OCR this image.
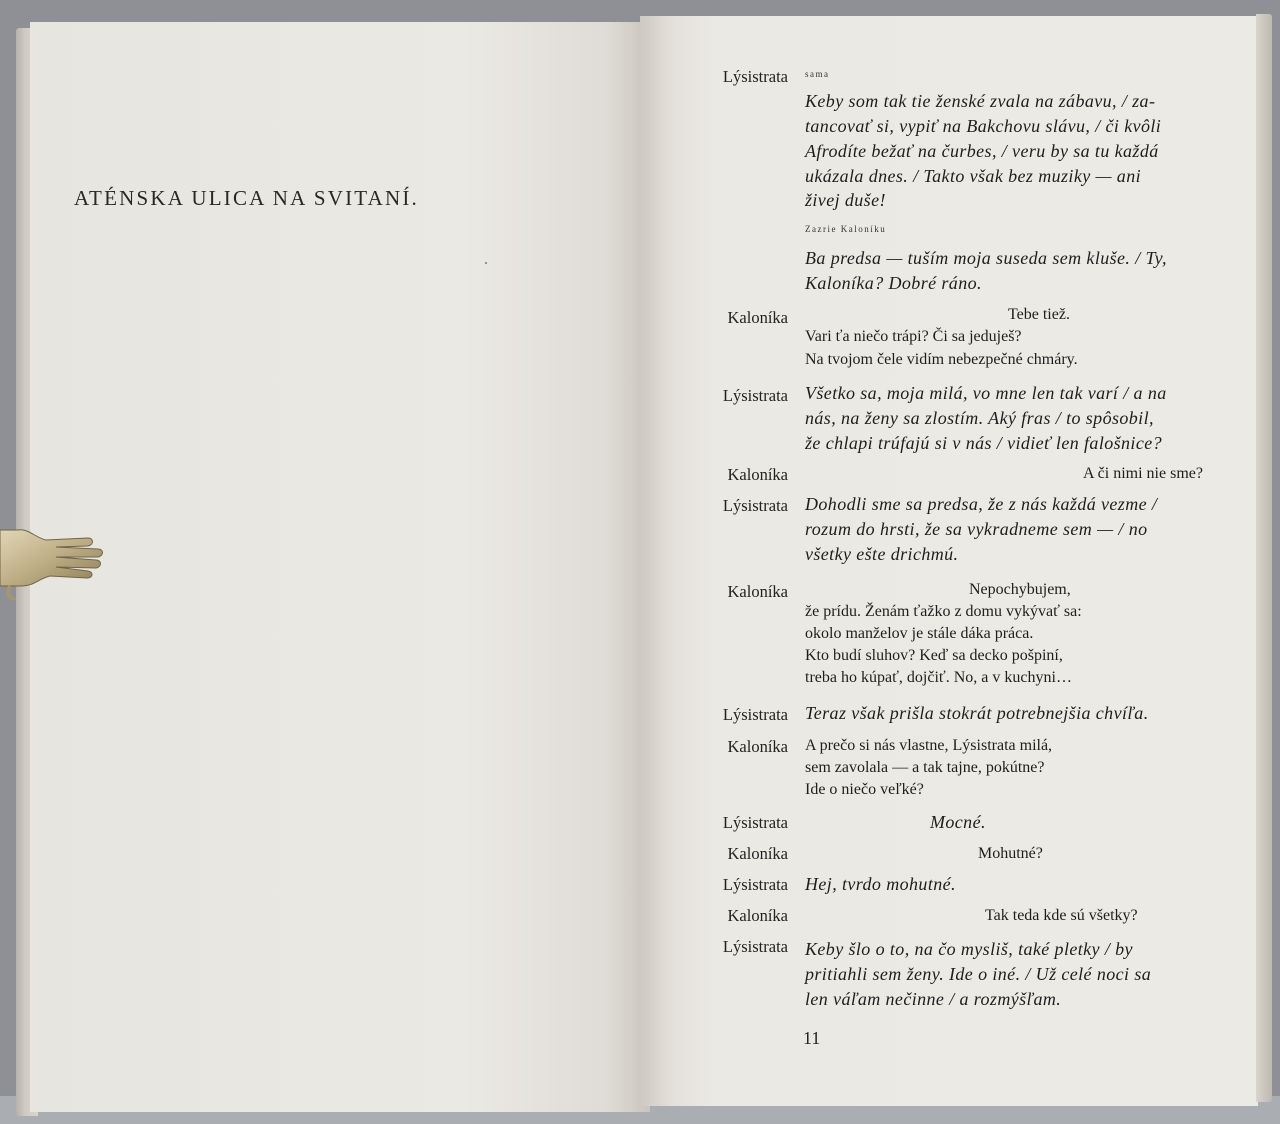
ATÉNSKA ULICA NA SVITANÍ.
Lýsistrata
Kaloníka
Lýsistrata
Kaloníka
Lýsistrata
Kaloníka
Lýsistrata
Kaloníka
Lýsistrata
Kaloníka
Lýsistrata
Kaloníka
Lýsistrata
sama
Zazrie Kaloníku
Keby som tak tie ženské zvala na zábavu, / za-
tancovať si, vypiť na Bakchovu slávu, / či kvôli
Afrodíte bežať na čurbes, / veru by sa tu každá
ukázala dnes. / Takto však bez muziky — ani
živej duše!
Ba predsa — tuším moja suseda sem kluše. / Ty,
Kaloníka? Dobré ráno.
Tebe tiež.
Vari ťa niečo trápi? Či sa jeduješ?
Na tvojom čele vidím nebezpečné chmáry.
Všetko sa, moja milá, vo mne len tak varí / a na
nás, na ženy sa zlostím. Aký fras / to spôsobil,
že chlapi trúfajú si v nás / vidieť len falošnice?
A či nimi nie sme?
Dohodli sme sa predsa, že z nás každá vezme /
rozum do hrsti, že sa vykradneme sem — / no
všetky ešte drichmú.
Nepochybujem,
že prídu. Ženám ťažko z domu vykývať sa:
okolo manželov je stále dáka práca.
Kto budí sluhov? Keď sa decko pošpiní,
treba ho kúpať, dojčiť. No, a v kuchyni…
Teraz však prišla stokrát potrebnejšia chvíľa.
A prečo si nás vlastne, Lýsistrata milá,
sem zavolala — a tak tajne, pokútne?
Ide o niečo veľké?
Mocné.
Mohutné?
Hej, tvrdo mohutné.
Tak teda kde sú všetky?
Keby šlo o to, na čo mysliš, také pletky / by
pritiahli sem ženy. Ide o iné. / Už celé noci sa
len váľam nečinne / a rozmýšľam.
11
